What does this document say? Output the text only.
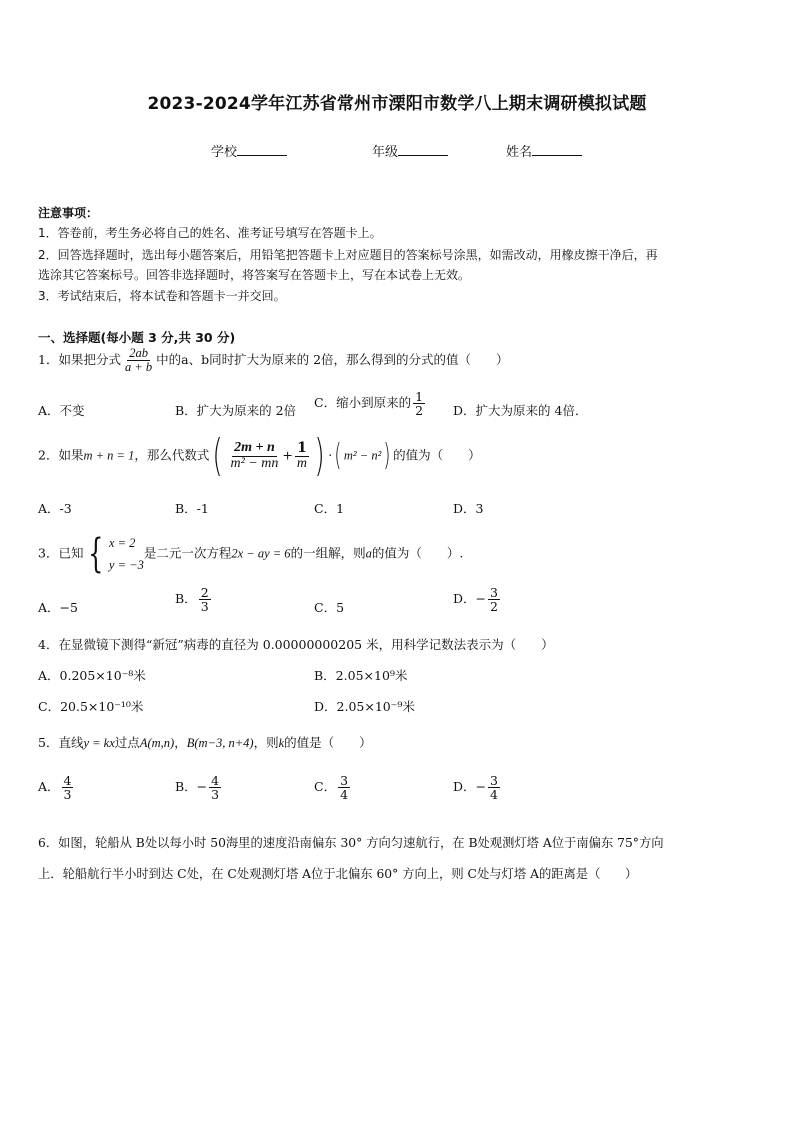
2023-2024学年江苏省常州市溧阳市数学八上期末调研模拟试题
学校	年级	姓名
注意事项：
1．答卷前，考生务必将自己的姓名、准考证号填写在答题卡上。
2．回答选择题时，选出每小题答案后，用铅笔把答题卡上对应题目的答案标号涂黑，如需改动，用橡皮擦干净后，再
选涂其它答案标号。回答非选择题时，将答案写在答题卡上，写在本试卷上无效。
3．考试结束后，将本试卷和答题卡一并交回。
一、选择题(每小题 3 分,共 30 分)
1．如果把分式 $\frac{2ab}{a + b}$ 中的a、b同时扩大为原来的 2倍，那么得到的分式的值（　　）
A．不变	B．扩大为原来的 2倍
C．缩小到原来的 $\frac{1}{2}$ D．扩大为原来的 4倍．
2．如果m + n = 1，那么代数式( $\frac{2m + n}{\text{m² − mn}} + \frac{1}{m}$ ) ·( m² − n²) 的值为（　　）
A．-3	B．-1	C．1	D．3
3．已知 { x = 2
y = −3
是二元一次方程2x − ay = 6的一组解，则a的值为（　　）.
A．−5
B． $\frac{2}{3}$	C．5
D．− $\frac{3}{2}$
4．在显微镜下测得“新冠”病毒的直径为 0.00000000205 米，用科学记数法表示为（　　）
A．0.205×10⁻⁸米	B．2.05×10⁹米
C．20.5×10⁻¹⁰米	D．2.05×10⁻⁹米
5．直线y = kx过点A(m,n)，B(m−3, n+4)，则k的值是（　　）
A． $\frac{4}{3}$	B．− $\frac{4}{3}$	C． $\frac{3}{4}$	D．− $\frac{3}{4}$
6．如图，轮船从 B处以每小时 50海里的速度沿南偏东 30° 方向匀速航行，在 B处观测灯塔 A位于南偏东 75°方向
上．轮船航行半小时到达 C处，在 C处观测灯塔 A位于北偏东 60° 方向上，则 C处与灯塔 A的距离是（　　）
